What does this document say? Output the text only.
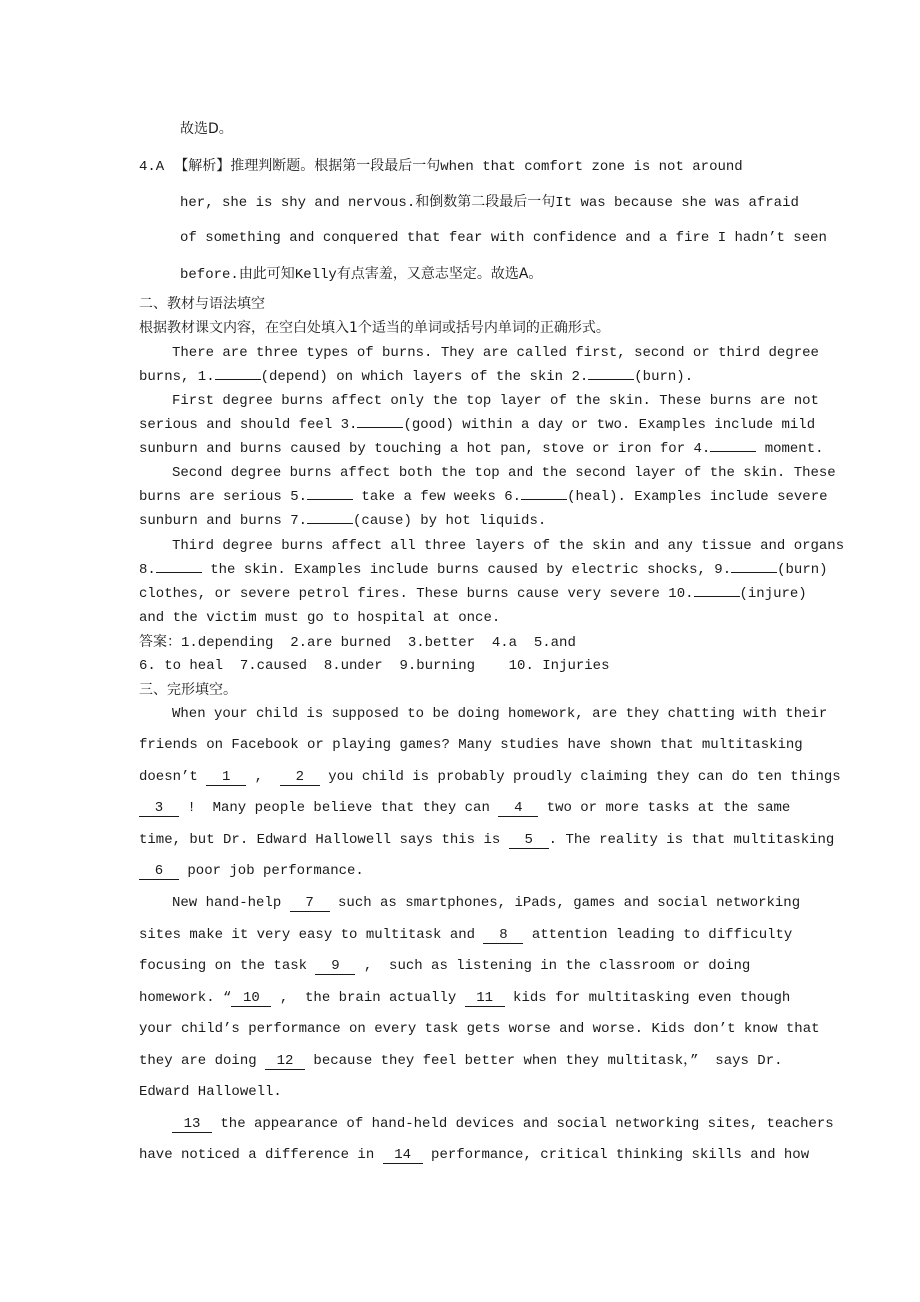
故选D。
4.A 【解析】推理判断题。根据第一段最后一句when that comfort zone is not around
her, she is shy and nervous.和倒数第二段最后一句It was because she was afraid
of something and conquered that fear with confidence and a fire I hadn’t seen
before.由此可知Kelly有点害羞，又意志坚定。故选A。
二、教材与语法填空
根据教材课文内容，在空白处填入1个适当的单词或括号内单词的正确形式。
There are three types of burns. They are called first, second or third degree
burns, 1.	(depend) on which layers of the skin 2.	(burn).
First degree burns affect only the top layer of the skin. These burns are not
serious and should feel 3.	(good) within a day or two. Examples include mild
sunburn and burns caused by touching a hot pan, stove or iron for 4.	moment.
Second degree burns affect both the top and the second layer of the skin. These
burns are serious 5.	take a few weeks 6.	(heal). Examples include severe
sunburn and burns 7.	(cause) by hot liquids.
Third degree burns affect all three layers of the skin and any tissue and organs
8.	the skin. Examples include burns caused by electric shocks, 9.	(burn)
clothes, or severe petrol fires. These burns cause very severe 10.	(injure)
and the victim must go to hospital at once.
答案：1.depending  2.are burned  3.better  4.a  5.and
6. to heal  7.caused  8.under  9.burning    10. Injuries
三、完形填空。
When your child is supposed to be doing homework, are they chatting with their
friends on Facebook or playing games? Many studies have shown that multitasking
doesn’t 1 ,  2 you child is probably proudly claiming they can do ten things
3 !  Many people believe that they can 4 two or more tasks at the same
time, but Dr. Edward Hallowell says this is 5 . The reality is that multitasking
6 poor job performance.
New hand-help 7 such as smartphones, iPads, games and social networking
sites make it very easy to multitask and 8 attention leading to difficulty
focusing on the task 9 ,  such as listening in the classroom or doing
homework. “ 10 ,  the brain actually 11 kids for multitasking even though
your child’s performance on every task gets worse and worse. Kids don’t know that
they are doing 12 because they feel better when they multitask，”  says Dr.
Edward Hallowell.
13 the appearance of hand-held devices and social networking sites, teachers
have noticed a difference in 14 performance, critical thinking skills and how
